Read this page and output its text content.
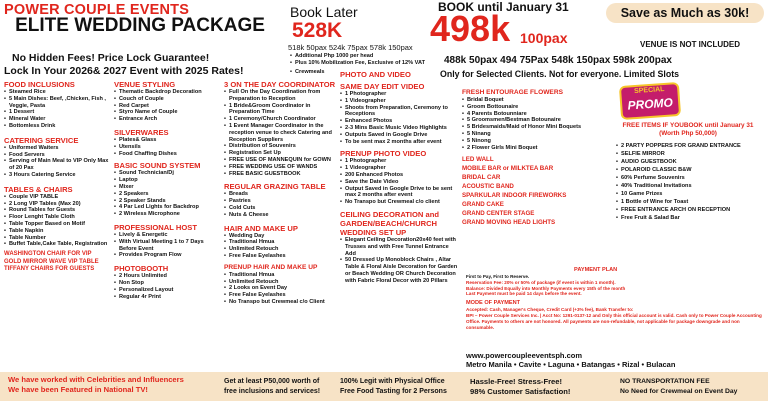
POWER COUPLE EVENTS
ELITE WEDDING PACKAGE
No Hidden Fees! Price Lock Guarantee!
Lock In Your 2026& 2027 Event with 2025 Rates!
Book Later
528K
518k 50pax 524k 75pax 578k 150pax
• Additional Php 1000 per head
• Plus 10% Mobilization Fee, Exclusive of 12% VAT
• Crewmeals
BOOK until January 31
498k 100pax
Save as Much as 30k!
VENUE IS NOT INCLUDED
488k 50pax 494 75Pax 548k 150pax 598k 200pax
Only for Selected Clients. Not for everyone. Limited Slots
FOOD INCLUSIONS
• Steamed Rice
• 5 Main Dishes: Beef, ,Chicken, Fish , Veggie, Pasta
• 1 Dessert
• Mineral Water
• Bottomless Drink
CATERING SERVICE
• Uniformed Waiters
• Food Servers
• Serving of Main Meal to VIP Only Max of 20 Pax
• 3 Hours Catering Service
TABLES & CHAIRS
• Couple VIP TABLE
• 2 Long VIP Tables (Max 20)
• Round Tables for Guests
• Floor Lenght Table Cloth
• Table Topper Based on Motif
• Table Napkin
• Table Number
• Buffet Table,Cake Table, Registration
WASHINGTON CHAIR FOR VIP
GOLD MIRROR WAVE VIP TABLE
TIFFANY CHAIRS FOR GUESTS
VENUE STYLING
• Thematic Backdrop Decoration
• Couch of Couple
• Red Carpet
• Styro Name of Couple
• Entrance Arch
SILVERWARES
• Plates& Glass
• Utensils
• Food Chaffing Dishes
BASIC SOUND SYSTEM
• Sound Technician/Dj
• Laptop
• Mixer
• 2 Speakers
• 2 Speaker Stands
• 4 Par Led Lights for Backdrop
• 2 Wireless Microphone
PROFESSIONAL HOST
• Lively & Energetic
• With Virtual Meeting 1 to 7 Days Before Event
• Provides Program Flow
PHOTOBOOTH
• 2 Hours Unlimited
• Non Stop
• Personalized Layout
• Regular 4r Print
3 ON THE DAY COORDINATOR
• Full On the Day Coordination from Preparation to Reception
• 1 Bride&Groom Coordinator in Preparation Time
• 1 Ceremony/Church Coordinator
• 1 Event Manager Coordinator in the reception venue to check Catering and Reception Suppliers
• Distribution of Souvenirs
• Registration Set Up
• FREE USE OF MANNEQUIN for GOWN
• FREE WEDDING USE OF WANDS
• FREE BASIC GUESTBOOK
REGULAR GRAZING TABLE
• Breads
• Pastries
• Cold Cuts
• Nuts & Cheese
HAIR AND MAKE UP
• Wedding Day
• Traditional Hmua
• Unlimited Retouch
• Free False Eyelashes
PRENUP HAIR AND MAKE UP
• Traditional Hmua
• Unlimited Retouch
• 2 Looks on Event Day
• Free False Eyelashes
• No Transpo but Crewmeal c/o Client
PHOTO AND VIDEO
SAME DAY EDIT VIDEO
• 1 Photographer
• 1 Videographer
• Shoots from Preparation, Ceremony to Receptions
• Enhanced Photos
• 2-3 Mins Basic Music Video Highlights
• Outputs Saved in Google Drive
• To be sent max 2 months after event
PRENUP PHOTO VIDEO
• 1 Photographer
• 1 Videographer
• 200 Enhanced Photos
• Save the Date Video
• Output Saved in Google Drive to be sent max 2 months after event
• No Transpo but Crewmeal c/o client
CEILING DECORATION and GARDEN/BEACH/CHURCH WEDDING SET UP
• Elegant Ceiling Decoration20x40 feet with Trusses and with Free Tunnel Entrance Add
• 50 Dressed Up Monoblock Chairs , Altar Table & Floral Aisle Decoration for Garden or Beach Wedding OR Church Decoration with Fabric Floral Decor with 20 Pillars
FRESH ENTOURAGE FLOWERS
• Bridal Boquet
• Groom Bottounaire
• 4 Parents Botounniare
• 5 Groomsmen/Bestman Botounaire
• 5 Bridesmaids/Maid of Honor Mini Boquets
• 5 Ninang
• 5 Ninong
• 2 Flower Girls Mini Boquet
LED WALL
MOBILE BAR or MILKTEA BAR
BRIDAL CAR
ACOUSTIC BAND
SPARKULAR INDOOR FIREWORKS
GRAND CAKE
GRAND CENTER STAGE
GRAND MOVING HEAD LIGHTS
PAYMENT PLAN
First to Pay, First to Reserve.
Reservation Fee: 20% or 50% of package (if event is within 1 month).
Balance: Divided Equally into Monthly Payments every 15th of the month
Last Payment must be paid 14 days before the event.
MODE OF PAYMENT
Accepted: Cash, Manager's Cheque, Credit Card (+3% fee), Bank Transfer to:
BPI – Power Couple Services Inc. | Acct No: 1291-0137-12 and Only this official account is valid. Cash only to Power Couple Accounting Office. Payments to others are not honored. All payments are non-refundable, not applicable for package downgrade and non consumable.
www.powercoupleeventsph.com
Metro Manila • Cavite • Laguna • Batangas • Rizal • Bulacan
SPECIAL
PROMO
FREE ITEMS IF YOUBOOK until January 31 (Worth Php 50,000)
• 2 PARTY POPPERS FOR GRAND ENTRANCE
• SELFIE MIRROR
• AUDIO GUESTBOOK
• POLAROID CLASSIC B&W
• 60% Perfume Souvenirs
• 40% Traditional Invitations
• 10 Game Prizes
• 1 Bottle of Wine for Toast
• FREE ENTRANCE ARCH ON RECEPTION
• Free Fruit & Salad Bar
We have worked with Celebrities and Influencers
We have been Featured in National TV!
Get at least P50,000 worth of
free inclusions and services!
100% Legit with Physical Office
Free Food Tasting for 2 Persons
Hassle-Free! Stress-Free!
98% Customer Satisfaction!
NO TRANSPORTATION FEE
No Need for Crewmeal on Event Day
